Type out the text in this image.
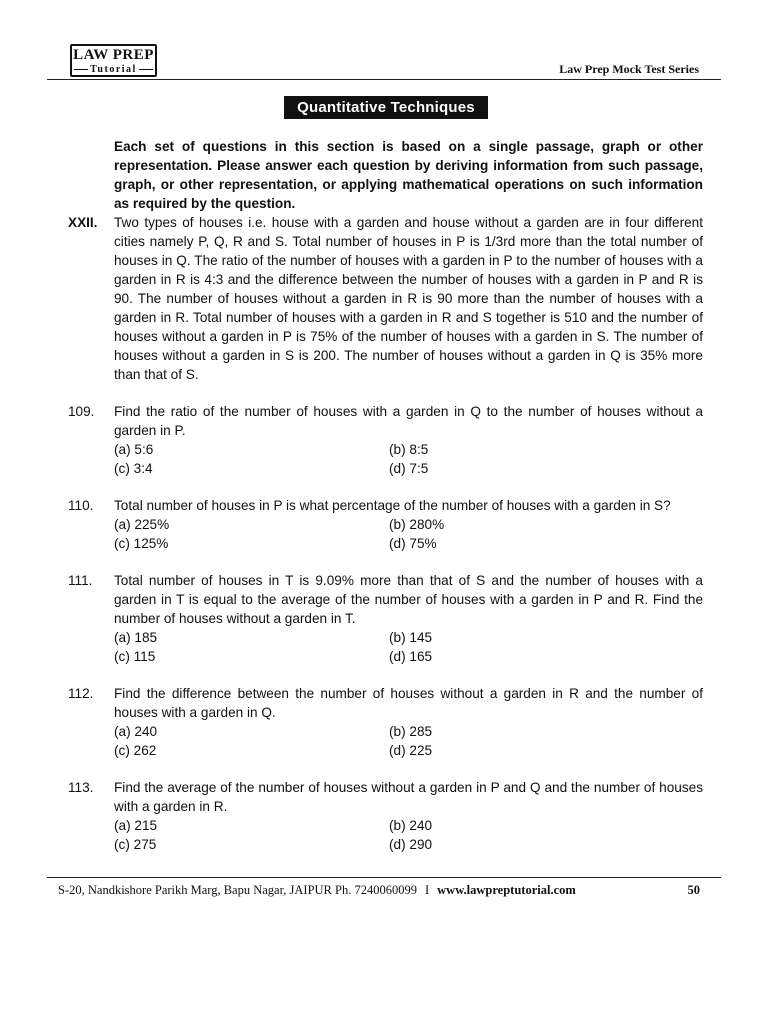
LAW PREP
Tutorial	Law Prep Mock Test Series
Quantitative Techniques
Each set of questions in this section is based on a single passage, graph or other representation. Please answer each question by deriving information from such passage, graph, or other representation, or applying mathematical operations on such information as required by the question.
XXII.	Two types of houses i.e. house with a garden and house without a garden are in four different cities namely P, Q, R and S. Total number of houses in P is 1/3rd more than the total number of houses in Q. The ratio of the number of houses with a garden in P to the number of houses with a garden in R is 4:3 and the difference between the number of houses with a garden in P and R is 90. The number of houses without a garden in R is 90 more than the number of houses with a garden in R. Total number of houses with a garden in R and S together is 510 and the number of houses without a garden in P is 75% of the number of houses with a garden in S. The number of houses without a garden in S is 200. The number of houses without a garden in Q is 35% more than that of S.
109.	Find the ratio of the number of houses with a garden in Q to the number of houses without a garden in P.
(a) 5:6	(b) 8:5
(c) 3:4	(d) 7:5
110.	Total number of houses in P is what percentage of the number of houses with a garden in S?
(a) 225%	(b) 280%
(c) 125%	(d) 75%
111.	Total number of houses in T is 9.09% more than that of S and the number of houses with a garden in T is equal to the average of the number of houses with a garden in P and R. Find the number of houses without a garden in T.
(a) 185	(b) 145
(c) 115	(d) 165
112.	Find the difference between the number of houses without a garden in R and the number of houses with a garden in Q.
(a) 240	(b) 285
(c) 262	(d) 225
113.	Find the average of the number of houses without a garden in P and Q and the number of houses with a garden in R.
(a) 215	(b) 240
(c) 275	(d) 290
S-20, Nandkishore Parikh Marg, Bapu Nagar, JAIPUR Ph. 7240060099 I www.lawpreptutorial.com	50
